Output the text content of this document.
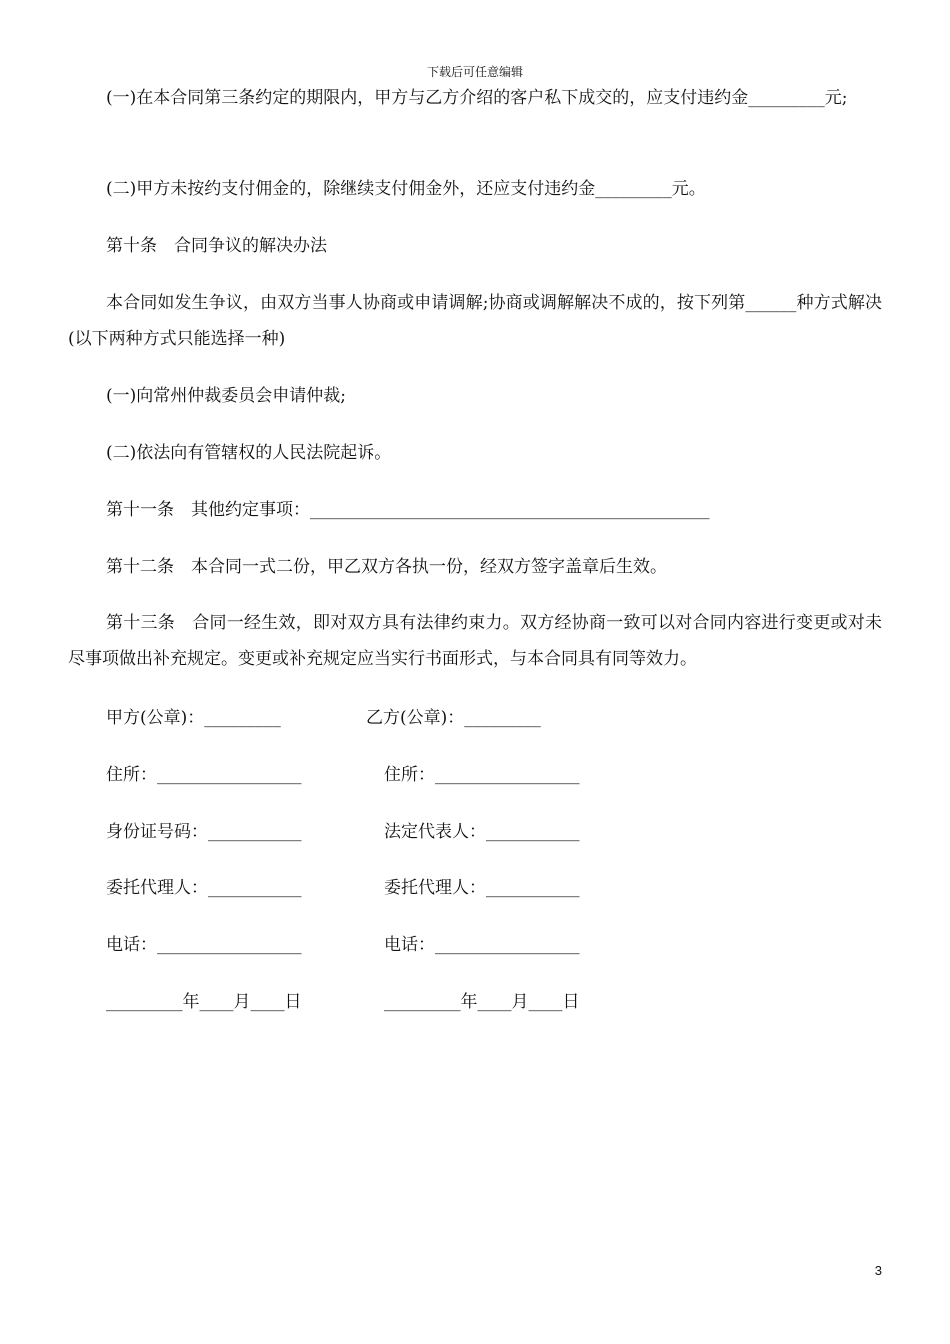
下载后可任意编辑
(一)在本合同第三条约定的期限内，甲方与乙方介绍的客户私下成交的，应支付违约金_________元;
(二)甲方未按约支付佣金的，除继续支付佣金外，还应支付违约金_________元。
第十条　合同争议的解决办法
本合同如发生争议，由双方当事人协商或申请调解;协商或调解解决不成的，按下列第______种方式解决(以下两种方式只能选择一种)
(一)向常州仲裁委员会申请仲裁;
(二)依法向有管辖权的人民法院起诉。
第十一条　其他约定事项：_______________________________________________
第十二条　本合同一式二份，甲乙双方各执一份，经双方签字盖章后生效。
第十三条　合同一经生效，即对双方具有法律约束力。双方经协商一致可以对合同内容进行变更或对未尽事项做出补充规定。变更或补充规定应当实行书面形式，与本合同具有同等效力。
甲方(公章)：_________	乙方(公章)：_________
住所：_________________	住所：_________________
身份证号码：___________	法定代表人：___________
委托代理人：___________	委托代理人：___________
电话：_________________	电话：_________________
_________年____月____日	_________年____月____日
3
